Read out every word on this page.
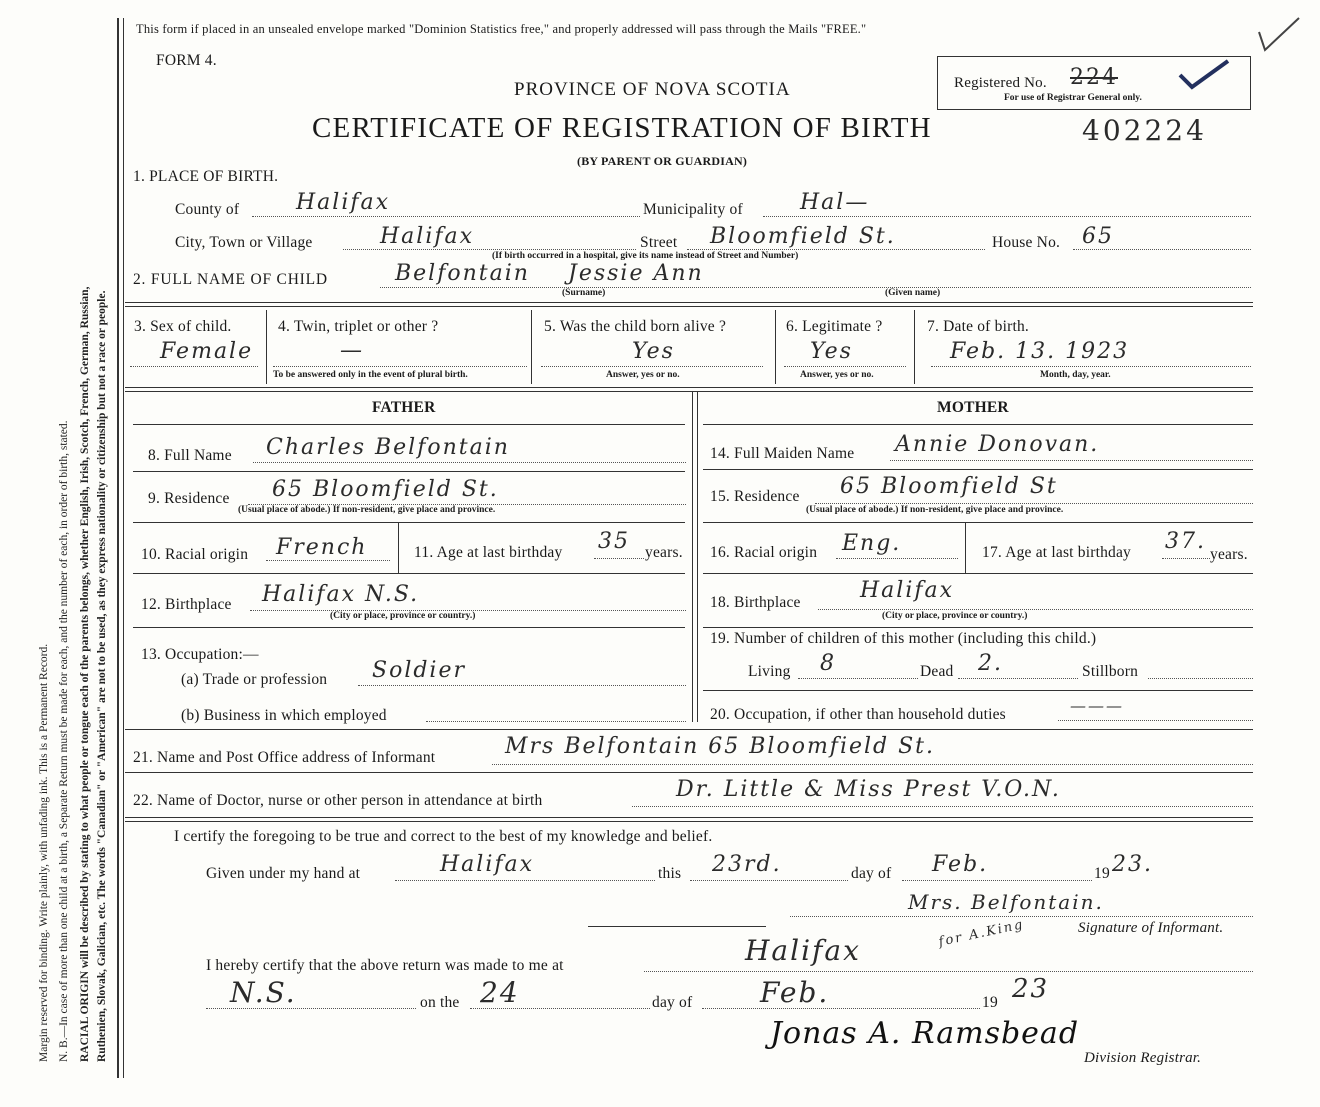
Margin reserved for binding. Write plainly, with unfading ink. This is a Permanent Record. N. B.—In case of more than one child at a birth, a Separate Return must be made for each, and the number of each, in order of birth, stated. RACIAL ORIGIN will be described by stating to what people or tongue each of the parents belongs, whether English, Irish, Scotch, French, German, Russian, Ruthenien, Slovak, Galician, etc. The words "Canadian" or "American" are not to be used, as they express nationality or citizenship but not a race or people.
This form if placed in an unsealed envelope marked "Dominion Statistics free," and properly addressed will pass through the Mails "FREE."
FORM 4.
PROVINCE OF NOVA SCOTIA
CERTIFICATE OF REGISTRATION OF BIRTH
(BY PARENT OR GUARDIAN)
402224
Registered No. 224
For use of Registrar General only.
1. PLACE OF BIRTH.
County of	Halifax	Municipality of	Hal—
City, Town or Village	Halifax	Street Bloomfield St.	House No. 65
(If birth occurred in a hospital, give its name instead of Street and Number)
2. FULL NAME OF CHILD	Belfontain Jessie Ann
(Surname)	(Given name)
3. Sex of child.
Female
4. Twin, triplet or other ?
—
To be answered only in the event of plural birth.
5. Was the child born alive ?
Yes
Answer, yes or no.
6. Legitimate ?
Yes
Answer, yes or no.
7. Date of birth.
Feb. 13. 1923
Month, day, year.
FATHER	MOTHER
8. Full Name Charles Belfontain
9. Residence 65 Bloomfield St.
(Usual place of abode.) If non-resident, give place and province.
10. Racial origin French	11. Age at last birthday 35 years.
12. Birthplace Halifax N.S.
(City or place, province or country.)
13. Occupation:—
(a) Trade or profession Soldier
(b) Business in which employed
14. Full Maiden Name Annie Donovan.
15. Residence 65 Bloomfield St
(Usual place of abode.) If non-resident, give place and province.
16. Racial origin Eng.	17. Age at last birthday 37.
years.
18. Birthplace	Halifax
(City or place, province or country.)
19. Number of children of this mother (including this child.)
Living 8	Dead 2.	Stillborn
20. Occupation, if other than household duties	———
21. Name and Post Office address of Informant	Mrs Belfontain 65 Bloomfield St.
22. Name of Doctor, nurse or other person in attendance at birth	Dr. Little & Miss Prest V.O.N.
I certify the foregoing to be true and correct to the best of my knowledge and belief.
Given under my hand at	Halifax	this 23rd.	day of Feb.	19 23.
Mrs. Belfontain.
Signature of Informant.
I hereby certify that the above return was made to me at	Halifax
for A.King
N.S.	on the 24	day of Feb.	19 23
Jonas A. Ramsbead
Division Registrar.
